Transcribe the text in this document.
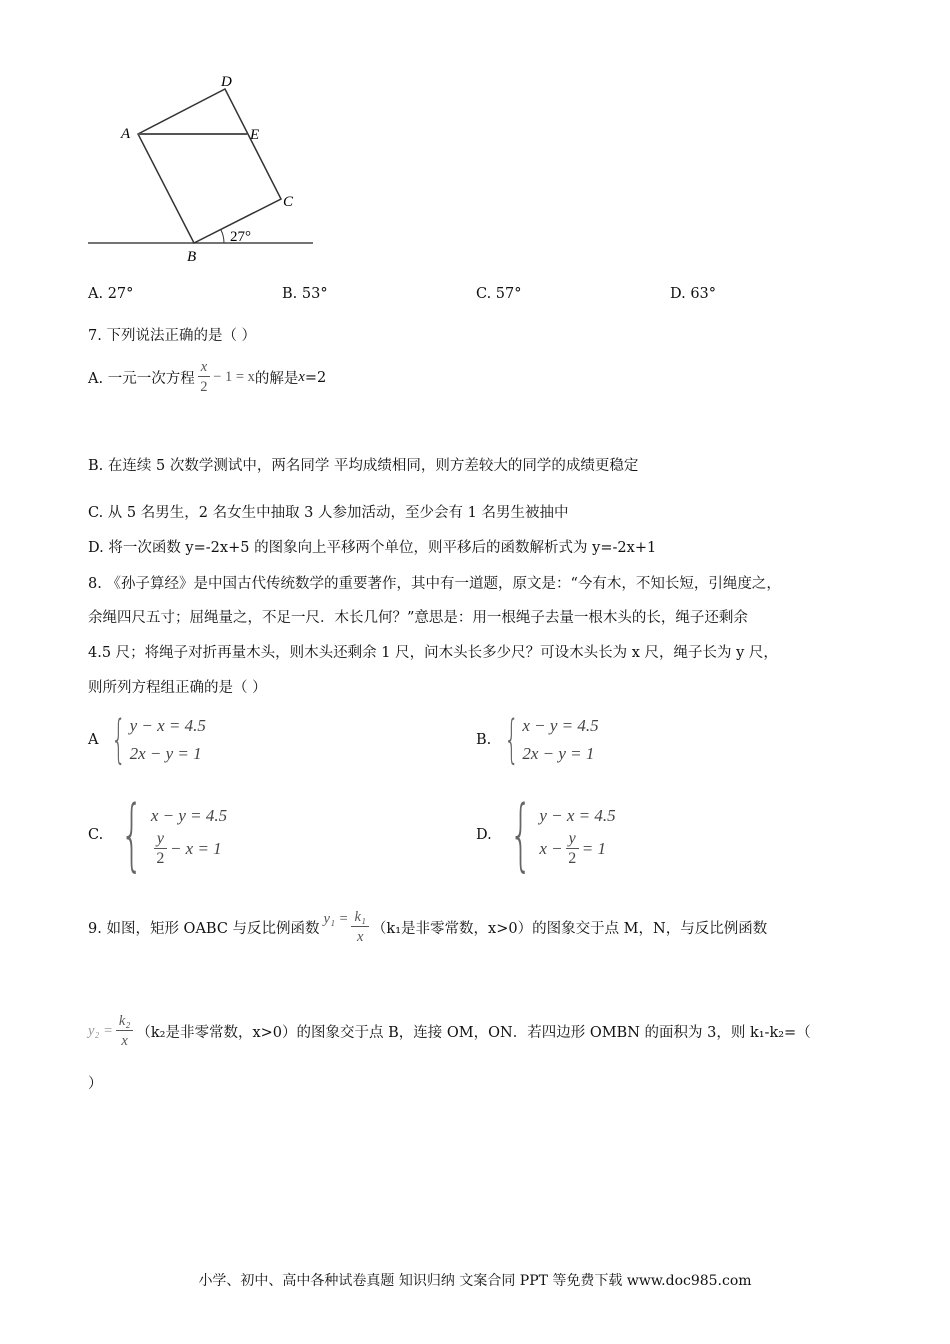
A
D
E
C
B
27°
A. 27°	B. 53°	C. 57°	D. 63°
7. 下列说法正确的是（ ）
A. 一元一次方程 $\frac{x}{2} - 1 = x$ 的解是 x =2
B. 在连续 5 次数学测试中，两名同学 平均成绩相同，则方差较大的同学的成绩更稳定
C. 从 5 名男生，2 名女生中抽取 3 人参加活动，至少会有 1 名男生被抽中
D. 将一次函数 y=-2x+5 的图象向上平移两个单位，则平移后的函数解析式为 y=-2x+1
8. 《孙子算经》是中国古代传统数学的重要著作，其中有一道题，原文是：“今有木，不知长短，引绳度之，
余绳四尺五寸；屈绳量之，不足一尺．木长几何？”意思是：用一根绳子去量一根木头的长，绳子还剩余
4.5 尺；将绳子对折再量木头，则木头还剩余 1 尺，问木头长多少尺？可设木头长为 x 尺，绳子长为 y 尺，
则所列方程组正确的是（ ）
A { y − x = 4.5
2x − y = 1
B. { x − y = 4.5
2x − y = 1
C. { x − y = 4.5
$\frac{y}{2} - x = 1$
D. { y − x = 4.5
$x - \frac{y}{2} = 1$
9. 如图，矩形 OABC 与反比例函数
$y_1 = \frac{\text{k₁}}{x} (k_1$是非零常数，x>0）的图象交于点 M，N，与反比例函数
$y_2 = \frac{\text{k₂}}{x} (k_2$是非零常数，x>0）的图象交于点 B，连接 OM，ON．若四边形 OMBN 的面积为 3，则 k₁-k₂=（
）
小学、初中、高中各种试卷真题 知识归纳 文案合同 PPT 等免费下载 www.doc985.com
